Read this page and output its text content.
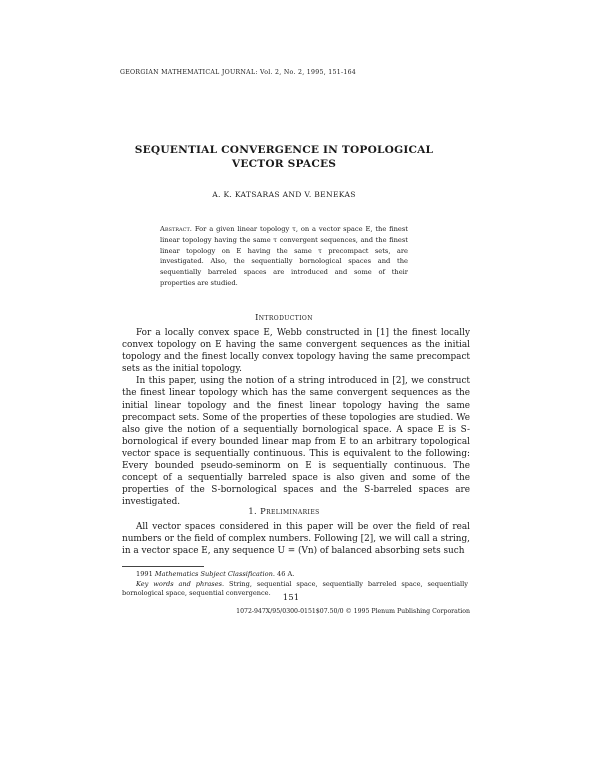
GEORGIAN MATHEMATICAL JOURNAL: Vol. 2, No. 2, 1995, 151-164
SEQUENTIAL CONVERGENCE IN TOPOLOGICAL
VECTOR SPACES
A. K. KATSARAS AND V. BENEKAS
Abstract. For a given linear topology τ, on a vector space E, the finest linear topology having the same τ convergent sequences, and the finest linear topology on E having the same τ precompact sets, are investigated. Also, the sequentially bornological spaces and the sequentially barreled spaces are introduced and some of their properties are studied.
Introduction

For a locally convex space E, Webb constructed in [1] the finest locally convex topology on E having the same convergent sequences as the initial topology and the finest locally convex topology having the same precompact sets as the initial topology.

In this paper, using the notion of a string introduced in [2], we construct the finest linear topology which has the same convergent sequences as the initial linear topology and the finest linear topology having the same precompact sets. Some of the properties of these topologies are studied. We also give the notion of a sequentially bornological space. A space E is S-bornological if every bounded linear map from E to an arbitrary topological vector space is sequentially continuous. This is equivalent to the following: Every bounded pseudo-seminorm on E is sequentially continuous. The concept of a sequentially barreled space is also given and some of the properties of the S-bornological spaces and the S-barreled spaces are investigated.

1. Preliminaries

All vector spaces considered in this paper will be over the field of real numbers or the field of complex numbers. Following [2], we will call a string, in a vector space E, any sequence U = (Vn) of balanced absorbing sets such

1991 Mathematics Subject Classification. 46 A.

Key words and phrases. String, sequential space, sequentially barreled space, sequentially bornological space, sequential convergence.	151
1072-947X/95/0300-0151$07.50/0 © 1995 Plenum Publishing Corporation
